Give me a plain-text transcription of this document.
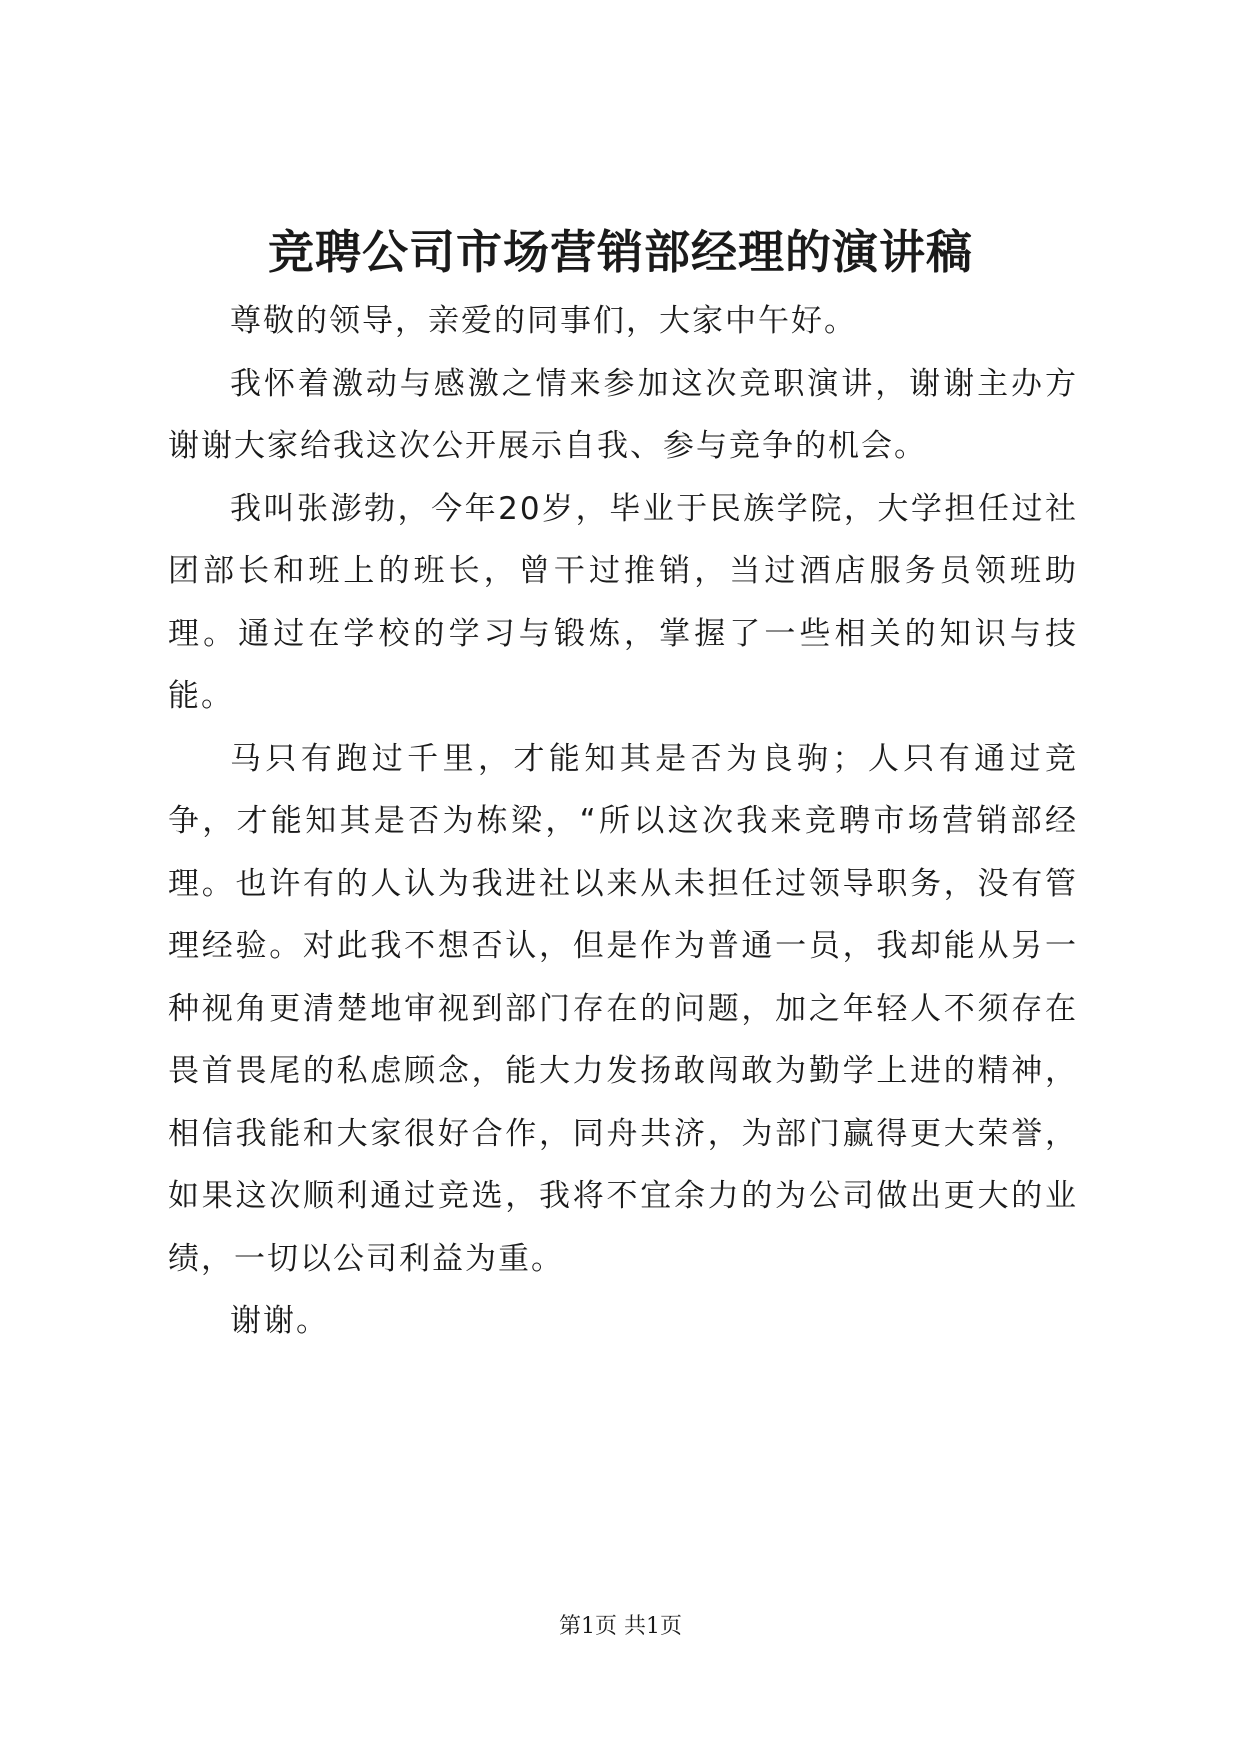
竞聘公司市场营销部经理的演讲稿

尊敬的领导，亲爱的同事们，大家中午好。

我怀着激动与感激之情来参加这次竞职演讲，谢谢主办方谢谢大家给我这次公开展示自我、参与竞争的机会。

我叫张澎勃，今年20岁，毕业于民族学院，大学担任过社团部长和班上的班长，曾干过推销，当过酒店服务员领班助理。通过在学校的学习与锻炼，掌握了一些相关的知识与技能。

马只有跑过千里，才能知其是否为良驹；人只有通过竞争，才能知其是否为栋梁，“所以这次我来竞聘市场营销部经理。也许有的人认为我进社以来从未担任过领导职务，没有管理经验。对此我不想否认，但是作为普通一员，我却能从另一种视角更清楚地审视到部门存在的问题，加之年轻人不须存在畏首畏尾的私虑顾念，能大力发扬敢闯敢为勤学上进的精神，相信我能和大家很好合作，同舟共济，为部门赢得更大荣誉，如果这次顺利通过竞选，我将不宜余力的为公司做出更大的业绩，一切以公司利益为重。

谢谢。

第1页 共1页
